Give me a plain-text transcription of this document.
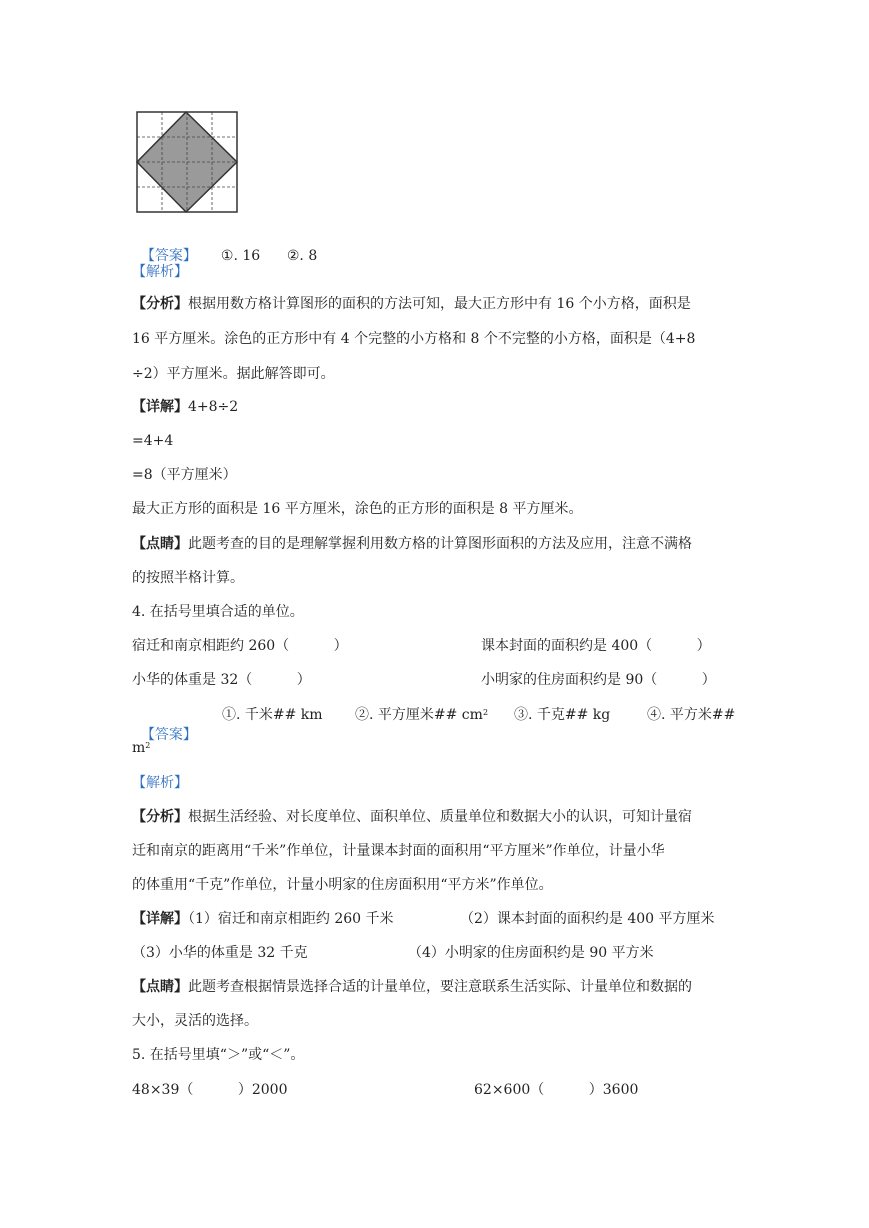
【答案】 ①. 16      ②. 8

【解析】
【分析】根据用数方格计算图形的面积的方法可知，最大正方形中有 16 个小方格，面积是
16 平方厘米。涂色的正方形中有 4 个完整的小方格和 8 个不完整的小方格，面积是（4+8
÷2）平方厘米。据此解答即可。
【详解】4+8÷2
=4+4
=8（平方厘米）
最大正方形的面积是 16 平方厘米，涂色的正方形的面积是 8 平方厘米。
【点睛】此题考查的目的是理解掌握利用数方格的计算图形面积的方法及应用，注意不满格
的按照半格计算。
4. 在括号里填合适的单位。
宿迁和南京相距约 260（          ）	课本封面的面积约是 400（          ）
小华的体重是 32（          ）	小明家的住房面积约是 90（          ）

【答案】

①. 千米## km ②. 平方厘米## $cm^2$ ③. 千克## kg	④. 平方米##
$m^2$
【解析】
【分析】根据生活经验、对长度单位、面积单位、质量单位和数据大小的认识，可知计量宿
迁和南京的距离用“千米”作单位，计量课本封面的面积用“平方厘米”作单位，计量小华
的体重用“千克”作单位，计量小明家的住房面积用“平方米”作单位。
【详解】（1）宿迁和南京相距约 260 千米	（2）课本封面的面积约是 400 平方厘米
（3）小华的体重是 32 千克	（4）小明家的住房面积约是 90 平方米
【点睛】此题考查根据情景选择合适的计量单位，要注意联系生活实际、计量单位和数据的
大小，灵活的选择。
5. 在括号里填“＞”或“＜”。
48×39（          ）2000	62×600（          ）3600
